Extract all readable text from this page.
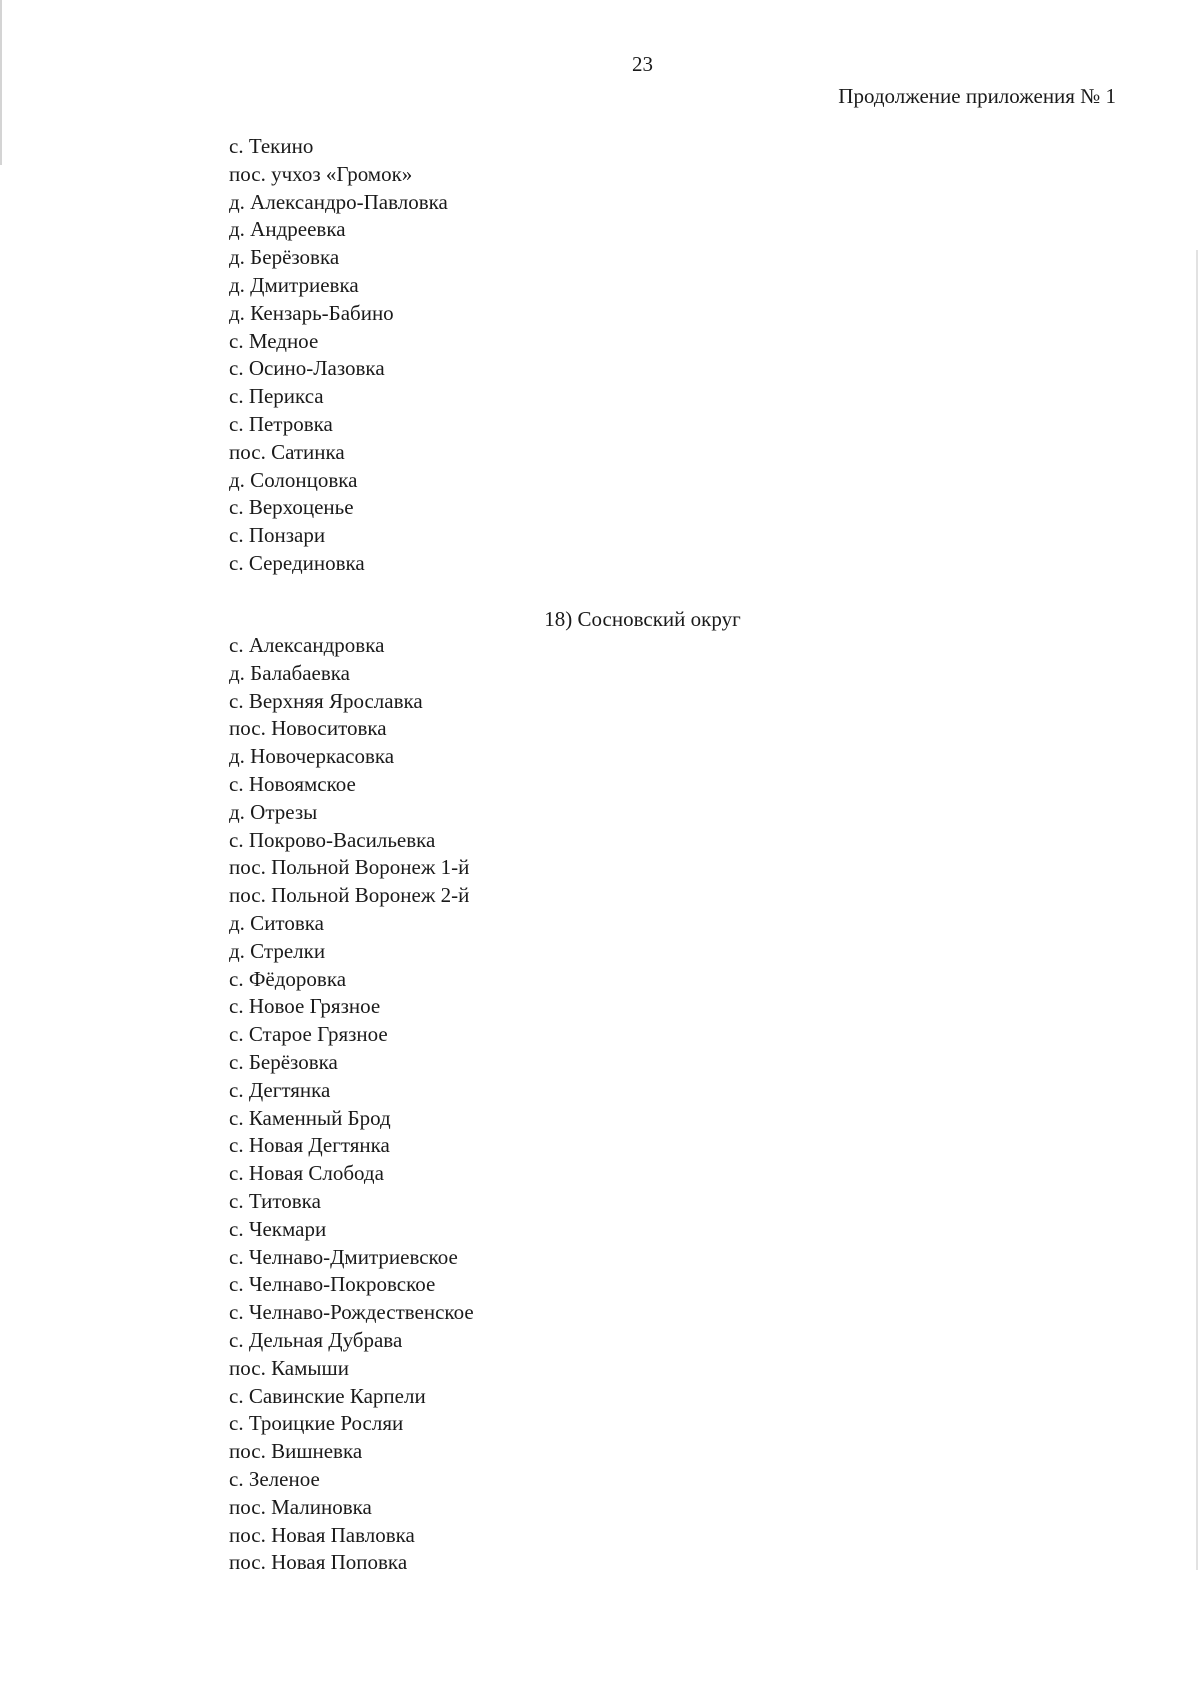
23
Продолжение приложения № 1
с. Текино
пос. учхоз «Громок»
д. Александро-Павловка
д. Андреевка
д. Берёзовка
д. Дмитриевка
д. Кензарь-Бабино
с. Медное
с. Осино-Лазовка
с. Перикса
с. Петровка
пос. Сатинка
д. Солонцовка
с. Верхоценье
с. Понзари
с. Серединовка
18) Сосновский округ
с. Александровка
д. Балабаевка
с. Верхняя Ярославка
пос. Новоситовка
д. Новочеркасовка
с. Новоямское
д. Отрезы
с. Покрово-Васильевка
пос. Польной Воронеж 1-й
пос. Польной Воронеж 2-й
д. Ситовка
д. Стрелки
с. Фёдоровка
с. Новое Грязное
с. Старое Грязное
с. Берёзовка
с. Дегтянка
с. Каменный Брод
с. Новая Дегтянка
с. Новая Слобода
с. Титовка
с. Чекмари
с. Челнаво-Дмитриевское
с. Челнаво-Покровское
с. Челнаво-Рождественское
с. Дельная Дубрава
пос. Камыши
с. Савинские Карпели
с. Троицкие Росляи
пос. Вишневка
с. Зеленое
пос. Малиновка
пос. Новая Павловка
пос. Новая Поповка
